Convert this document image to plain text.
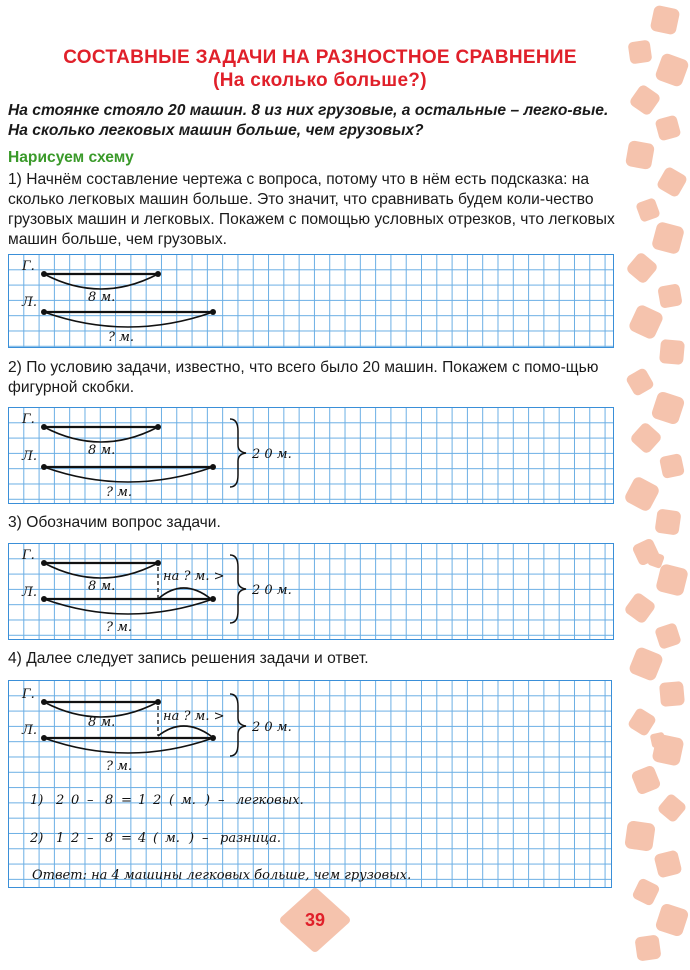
СОСТАВНЫЕ ЗАДАЧИ НА РАЗНОСТНОЕ СРАВНЕНИЕ
(На сколько больше?)
На стоянке стояло 20 машин. 8 из них грузовые, а остальные – легко-вые. На сколько легковых машин больше, чем грузовых?
Нарисуем схему
1) Начнём составление чертежа с вопроса, потому что в нём есть подсказка: на сколько легковых машин больше. Это значит, что сравнивать будем коли-чество грузовых машин и легковых. Покажем с помощью условных отрезков, что легковых машин больше, чем грузовых.
Г.
8 м.
Л.
? м.
2) По условию задачи, известно, что всего было 20 машин. Покажем с помо-щью фигурной скобки.
Г.
8 м.
Л.
? м.
2 0 м.
3) Обозначим вопрос задачи.
Г.
8 м.
на ? м. >
Л.
? м.
2 0 м.
4) Далее следует запись решения задачи и ответ.
Г.
8 м.	на ? м. >
Л.
? м.
2 0 м.
1) 2 0 – 8 = 1 2 ( м. ) – легковых.
2) 1 2 – 8 = 4 ( м. ) – разница.
Ответ: на 4 машины легковых больше, чем грузовых.
39
